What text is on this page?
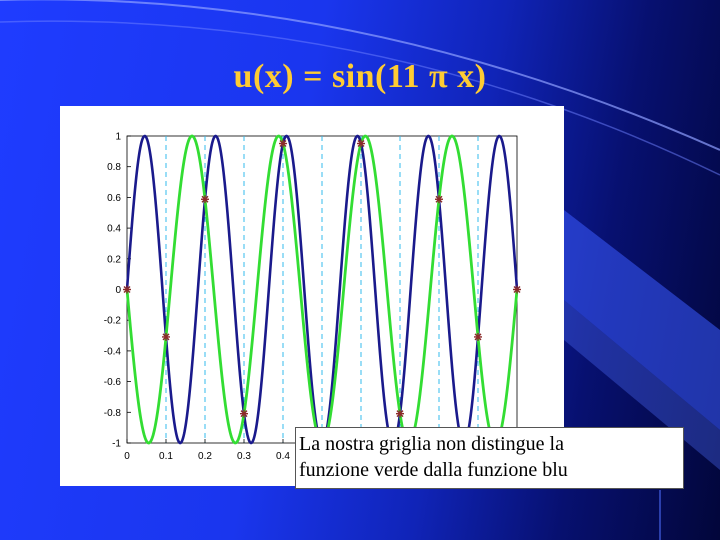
u(x) = sin(11 π x)
1
0.8
0.6
0.4
0.2
0
-0.2
-0.4
-0.6
-0.8
-1
0	0.1	0.2	0.3	0.4
La nostra griglia non distingue la
funzione verde dalla funzione blu
